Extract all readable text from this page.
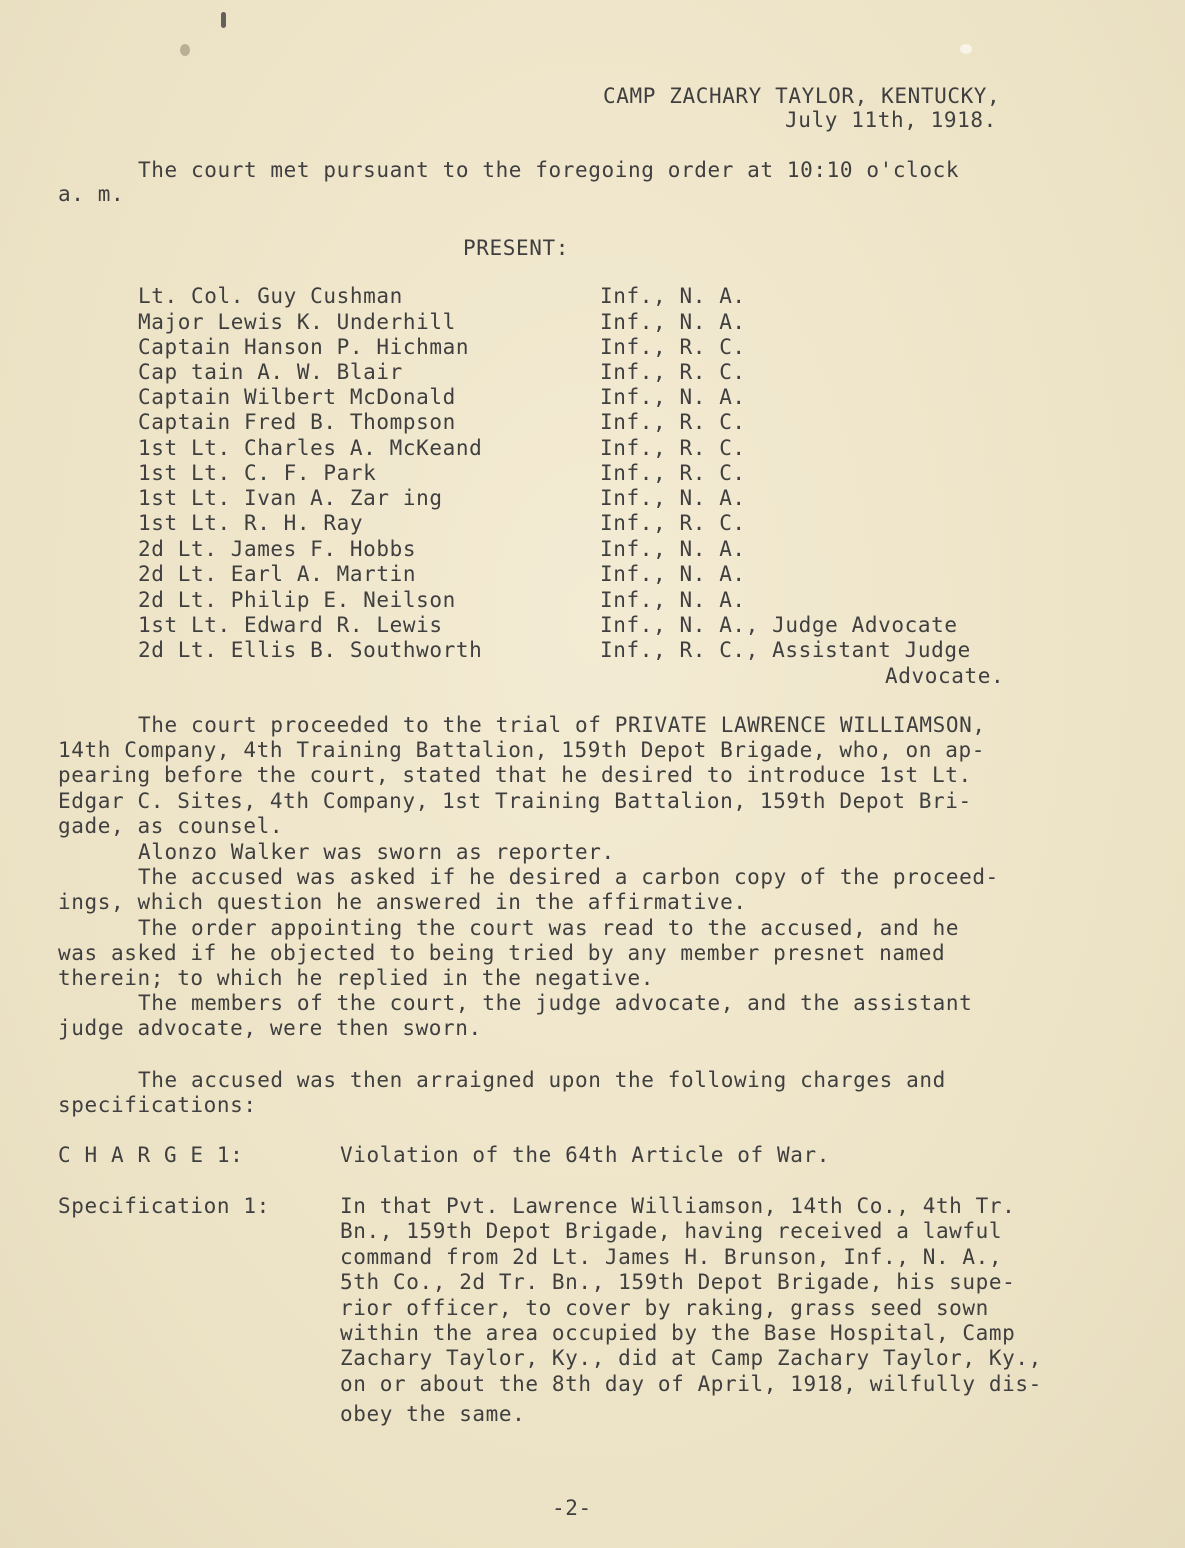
CAMP ZACHARY TAYLOR, KENTUCKY,
July 11th, 1918.
The court met pursuant to the foregoing order at 10:10 o'clock
a. m.
PRESENT:
Lt. Col. Guy Cushman	Inf., N. A.
Major Lewis K. Underhill	Inf., N. A.
Captain Hanson P. Hichman	Inf., R. C.
Cap tain A. W. Blair	Inf., R. C.
Captain Wilbert McDonald	Inf., N. A.
Captain Fred B. Thompson	Inf., R. C.
1st Lt. Charles A. McKeand	Inf., R. C.
1st Lt. C. F. Park	Inf., R. C.
1st Lt. Ivan A. Zar ing	Inf., N. A.
1st Lt. R. H. Ray	Inf., R. C.
2d Lt. James F. Hobbs	Inf., N. A.
2d Lt. Earl A. Martin	Inf., N. A.
2d Lt. Philip E. Neilson	Inf., N. A.
1st Lt. Edward R. Lewis	Inf., N. A., Judge Advocate
2d Lt. Ellis B. Southworth	Inf., R. C., Assistant Judge
Advocate.
The court proceeded to the trial of PRIVATE LAWRENCE WILLIAMSON,
14th Company, 4th Training Battalion, 159th Depot Brigade, who, on ap-
pearing before the court, stated that he desired to introduce 1st Lt.
Edgar C. Sites, 4th Company, 1st Training Battalion, 159th Depot Bri-
gade, as counsel.
Alonzo Walker was sworn as reporter.
The accused was asked if he desired a carbon copy of the proceed-
ings, which question he answered in the affirmative.
The order appointing the court was read to the accused, and he
was asked if he objected to being tried by any member presnet named
therein; to which he replied in the negative.
The members of the court, the judge advocate, and the assistant
judge advocate, were then sworn.
The accused was then arraigned upon the following charges and
specifications:
C H A R G E 1:	Violation of the 64th Article of War.
Specification 1:	In that Pvt. Lawrence Williamson, 14th Co., 4th Tr.
Bn., 159th Depot Brigade, having received a lawful
command from 2d Lt. James H. Brunson, Inf., N. A.,
5th Co., 2d Tr. Bn., 159th Depot Brigade, his supe-
rior officer, to cover by raking, grass seed sown
within the area occupied by the Base Hospital, Camp
Zachary Taylor, Ky., did at Camp Zachary Taylor, Ky.,
on or about the 8th day of April, 1918, wilfully dis-
obey the same.
-2-
